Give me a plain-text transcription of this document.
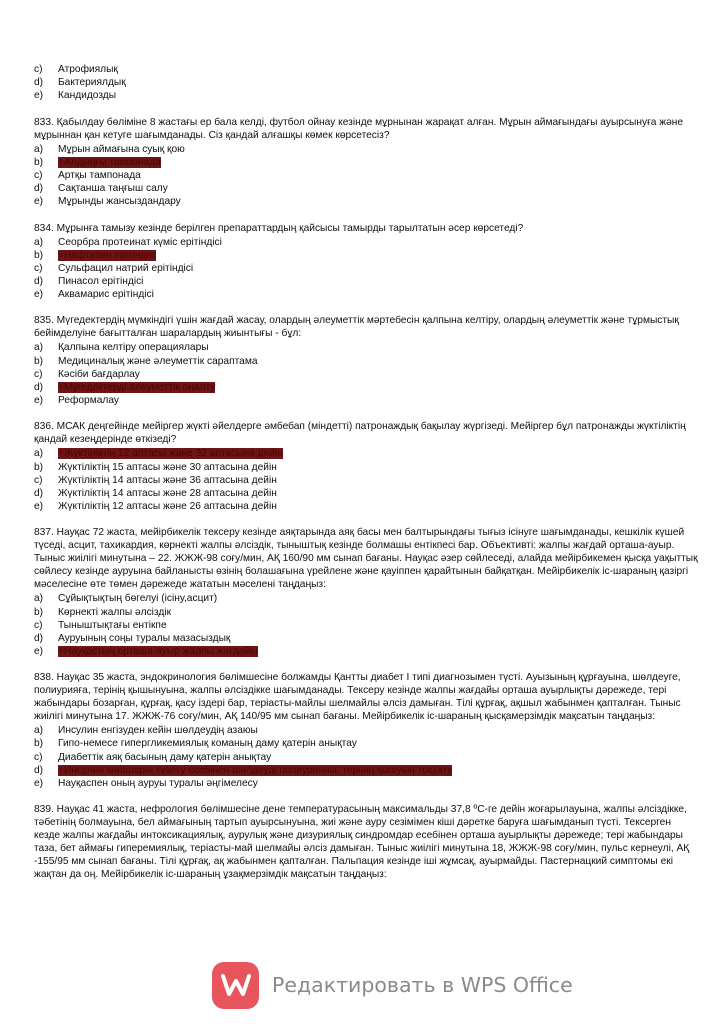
c)	Атрофиялық
d)	Бактериялдық
e)	Кандидозды

833. Қабылдау бөліміне 8 жастағы ер бала келді, футбол ойнау кезінде мұрнынан жарақат алған. Мұрын аймағындағы ауырсынуға және мұрыннан қан кетуге шағымданады. Сіз қандай алғашқы көмек көрсетесіз?

a)	Мұрын аймағына суық қою
b)	+Алдыңғы тампонада
c)	Артқы тампонада
d)	Сақтанша таңғыш салу
e)	Мұрынды жансыздандару

834. Мұрынға тамызу кезінде берілген препараттардың қайсысы тамырды тарылтатын әсер көрсетеді?

a)	Сеорбра протеинат күміс ерітіндісі
b)	+Нафтизин ерітіндісі
c)	Сульфацил натрий ерітіндісі
d)	Пинасол ерітіндісі
e)	Аквамарис ерітіндісі

835. Мүгедектердің мүмкіндігі үшін жағдай жасау, олардың әлеуметтік мәртебесін қалпына келтіру, олардың әлеуметтік және тұрмыстық бейімделуіне бағытталған шаралардың жиынтығы - бұл:

a)	Қалпына келтіру операциялары
b)	Медициналық және әлеуметтік сараптама
c)	Кәсіби бағдарлау
d)	+Мүгедектерді әлеуметтік оңалту
e)	Реформалау

836. МСАК деңгейінде мейіргер жүкті әйелдерге әмбебап (міндетті) патронаждық бақылау жүргізеді. Мейіргер бұл патронажды жүктіліктің қандай кезеңдерінде өткізеді?

a)	+Жүктіліктің 12 аптасы және 32 аптасына дейін
b)	Жүктіліктің 15 аптасы және 30 аптасына дейін
c)	Жүктіліктің 14 аптасы және 36 аптасына дейін
d)	Жүктіліктің 14 аптасы және 28 аптасына дейін
e)	Жүктіліктің 12 аптасы және 26 аптасына дейін

837. Науқас 72 жаста, мейірбикелік тексеру кезінде аяқтарында аяқ басы мен балтырындағы тығыз ісінуге шағымданады, кешкілік күшей түседі, асцит, тахикардия, көрнекті жалпы әлсіздік, тыныштық кезінде болмашы ентікпесі бар. Объективті: жалпы жағдай орташа-ауыр. Тыныс жиілігі минутына – 22. ЖЖЖ-98 соғу/мин, АҚ 160/90 мм сынап бағаны. Науқас әзер сөйлеседі, алайда мейірбикемен қысқа уақыттық сөйлесу кезінде ауруына байланысты өзінің болашағына үрейлене және қауіппен қарайтынын байқатқан. Мейірбикелік іс-шараның қазіргі мәселесіне өте төмен дәрежеде жататын мәселені таңдаңыз:

a)	Сұйықтықтың бөгелуі (ісіну,асцит)
b)	Көрнекті жалпы әлсіздік
c)	Тыныштықтағы ентікпе
d)	Ауруының соңы туралы мазасыздық
e)	+Науқастың орташа-ауыр жалпы жағдайы

838. Науқас 35 жаста, эндокринология бөлімшесіне болжамды Қантты диабет І типі диагнозымен түсті. Ауызының құрғауына, шөлдеуге, полиурияға, терінің қышынуына, жалпы әлсіздікке шағымданады. Тексеру кезінде жалпы жағдайы орташа ауырлықты дәрежеде, тері жабындары бозарған, құрғақ, қасу іздері бар, теріасты-майлы шелмайлы әлсіз дамыған. Тілі құрғақ, ақшыл жабынмен қапталған. Тыныс жиілігі минутына 17. ЖЖЖ-76 соғу/мин, АҚ 140/95 мм сынап бағаны. Мейірбикелік іс-шараның қысқамерзімдік мақсатын таңдаңыз:

a)	Инсулин енгізуден кейін шөлдеудің азаюы
b)	Гипо-немесе гипергликемиялық команың даму қатерін анықтау
c)	Диабеттік аяқ басының даму қатерін анықтау
d)	+Инсулин мөлшерін түзету есебінен шөлдеуді полиурияны, терінің қышуын тоқтату
e)	Науқаспен оның ауруы туралы әңгімелесу

839. Науқас 41 жаста, нефрология бөлімшесіне дене температурасының максимальды 37,8 ºС-ге дейін жоғарылауына, жалпы әлсіздікке, тәбетінің болмауына, бел аймағының тартып ауырсынуына, жиі және ауру сезімімен кіші дәретке баруға шағымданып түсті. Тексерген кезде жалпы жағдайы интоксикациялық, аурулық және дизуриялық синдромдар есебінен орташа ауырлықты дәрежеде; тері жабындары таза, бет аймағы гиперемиялық, теріасты-май шелмайы әлсіз дамыған. Тыныс жиілігі минутына 18, ЖЖЖ-98 соғу/мин, пульс кернеулі, АҚ -155/95 мм сынап бағаны. Тілі құрғақ, ақ жабынмен қапталған. Пальпация кезінде іші жұмсақ, ауырмайды. Пастернацкий симптомы екі жақтан да оң. Мейірбикелік іс-шараның ұзақмерзімдік мақсатын таңдаңыз:

Редактировать в WPS Office
